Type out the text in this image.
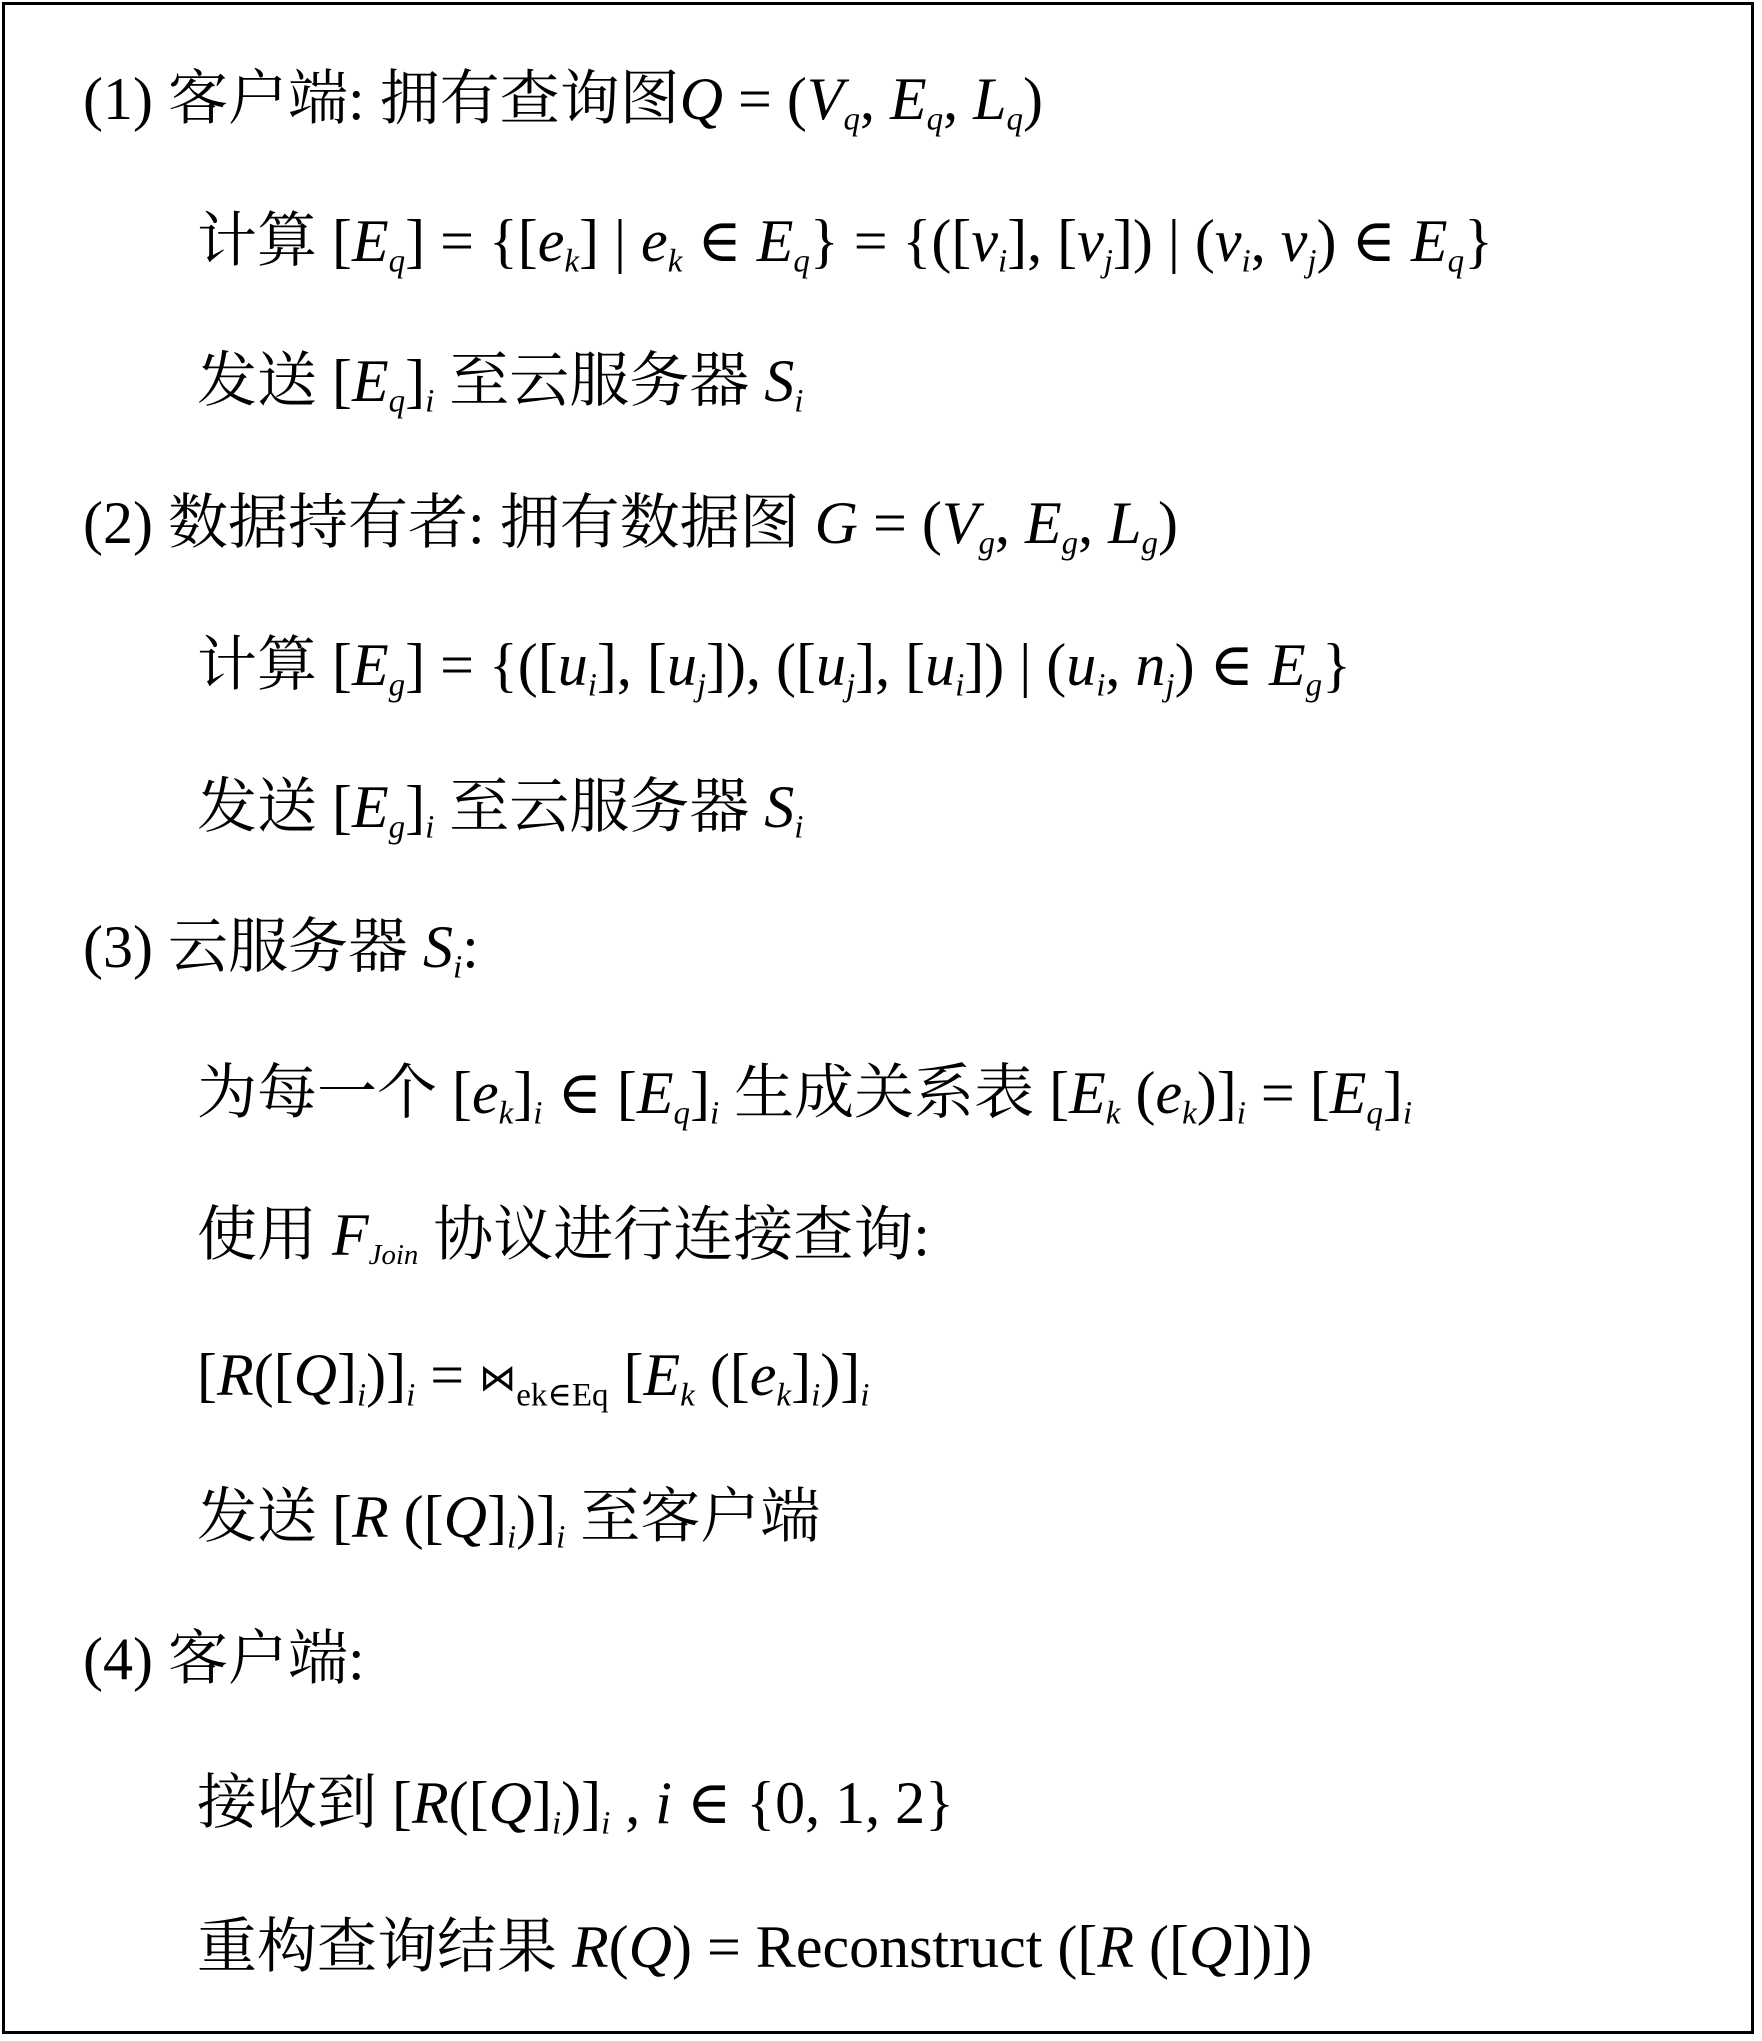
(1) 客户端: 拥有查询图$Q = (V_q$, $E_q$, $L_q$)
计算 $[E_q] = \{[e_k]$ | $e_k$ ∈ $E_q\} = \{([v_i]$, $[v_j]$) | ($v_i$, $v_j$) ∈ $E_q$}
发送 $[E_q]_i$ 至云服务器 $S_i$
(2) 数据持有者: 拥有数据图 $G = (V_g$, $E_g$, $L_g$)
计算 $[E_g] = \{([u_i]$, $[u_j]$), ($[u_j]$, $[u_i]$) | ($u_i$, $n_j$) ∈ $E_g$}
发送 $[E_g]_i$ 至云服务器 $S_i$
(3) 云服务器 $S_i$:
为每一个 $[e_k]_i$ ∈ $[E_q]_i$ 生成关系表 [$E_k$ $(e_k)]_i = [E_q]_i$
使用 $F_{Join}$ 协议进行连接查询:
$[R([Q]_i)]_i$ = $⋈_{ek\in Eq}$ [$E_k$ $([e_k]_i)]_i$
发送 [R $([Q]_i)]_i$ 至客户端
(4) 客户端:
接收到 $[R([Q]_i)]_i$ , i ∈ {0, 1, 2}
重构查询结果 R(Q) = Reconstruct ([R ([Q])])
